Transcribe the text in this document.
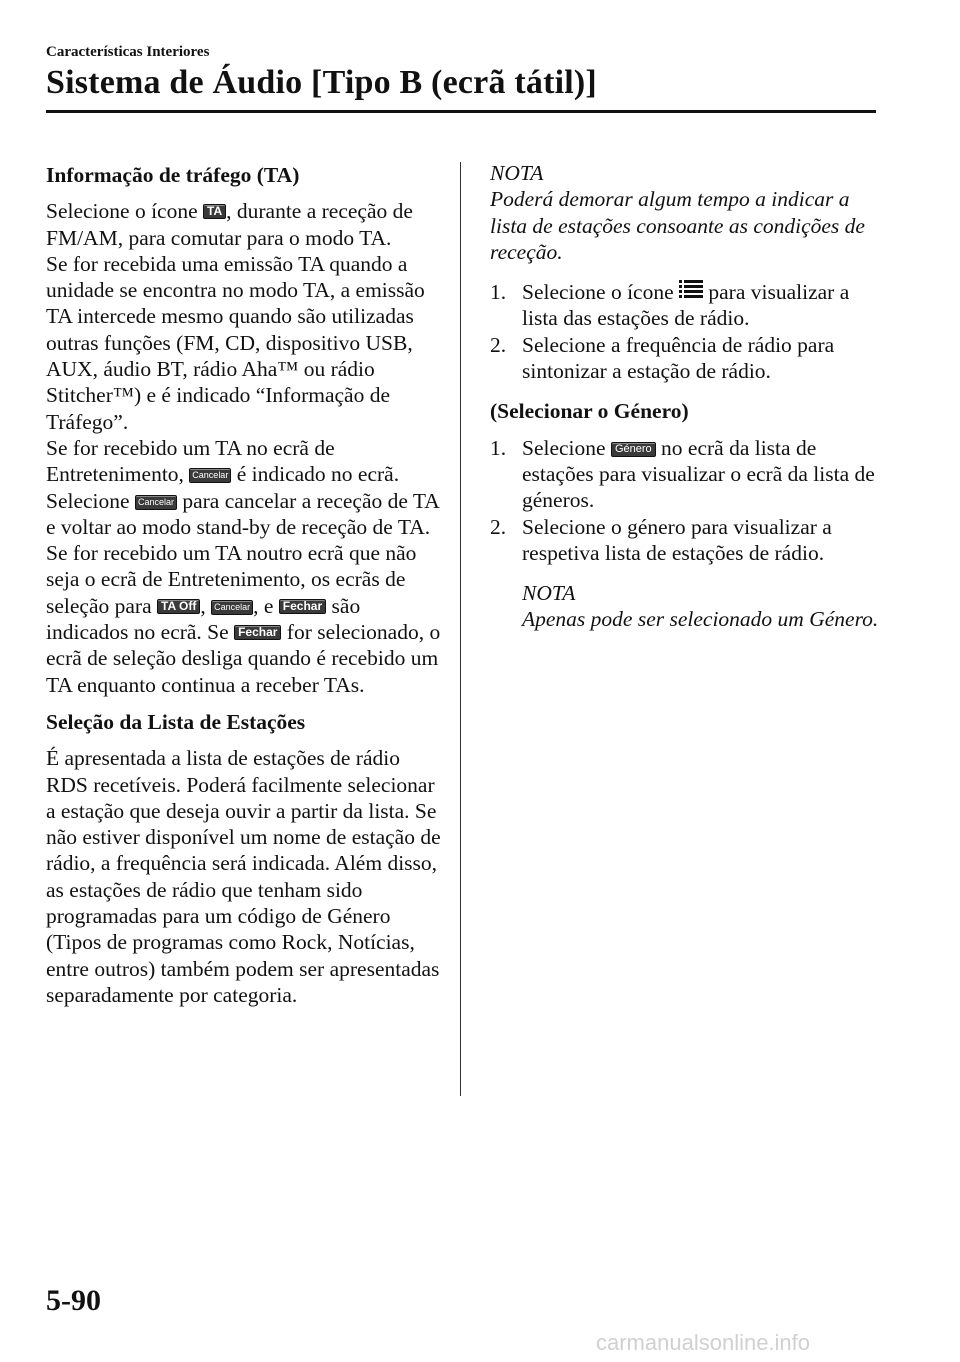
Características Interiores
Sistema de Áudio [Tipo B (ecrã tátil)]
Informação de tráfego (TA)

Selecione o ícone TA , durante a receção de FM/AM, para comutar para o modo TA.

Se for recebida uma emissão TA quando a unidade se encontra no modo TA, a emissão TA intercede mesmo quando são utilizadas outras funções (FM, CD, dispositivo USB, AUX, áudio BT, rádio Aha™ ou rádio Stitcher™) e é indicado “Informação de Tráfego”.

Se for recebido um TA no ecrã de Entretenimento, Cancelar é indicado no ecrã.
Selecione Cancelar para cancelar a receção de TA e voltar ao modo stand-by de receção de TA. Se for recebido um TA noutro ecrã que não seja o ecrã de Entretenimento, os ecrãs de seleção para TA Off , Cancelar , e Fechar são indicados no ecrã. Se Fechar for selecionado, o ecrã de seleção desliga quando é recebido um TA enquanto continua a receber TAs.

Seleção da Lista de Estações

É apresentada a lista de estações de rádio RDS recetíveis. Poderá facilmente selecionar a estação que deseja ouvir a partir da lista. Se não estiver disponível um nome de estação de rádio, a frequência será indicada. Além disso, as estações de rádio que tenham sido programadas para um código de Género (Tipos de programas como Rock, Notícias, entre outros) também podem ser apresentadas separadamente por categoria.

NOTA
Poderá demorar algum tempo a indicar a lista de estações consoante as condições de receção.
1. Selecione o ícone para visualizar a lista das estações de rádio.
2. Selecione a frequência de rádio para sintonizar a estação de rádio.
(Selecionar o Género)
1. Selecione Género no ecrã da lista de estações para visualizar o ecrã da lista de géneros.
2. Selecione o género para visualizar a respetiva lista de estações de rádio.
NOTA
Apenas pode ser selecionado um Género.
5-90
carmanualsonline.info
